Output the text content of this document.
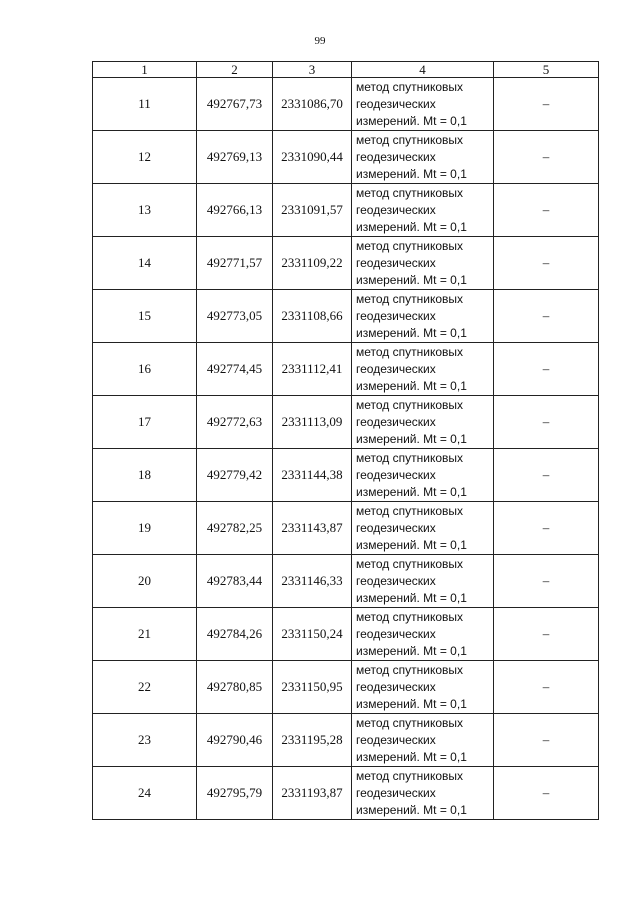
99
1	2	3	4	5
11	492767,73	2331086,70	метод спутниковых
геодезических
измерений. Mt = 0,1	–
12	492769,13	2331090,44	метод спутниковых
геодезических
измерений. Mt = 0,1	–
13	492766,13	2331091,57	метод спутниковых
геодезических
измерений. Mt = 0,1	–
14	492771,57	2331109,22	метод спутниковых
геодезических
измерений. Mt = 0,1	–
15	492773,05	2331108,66	метод спутниковых
геодезических
измерений. Mt = 0,1	–
16	492774,45	2331112,41	метод спутниковых
геодезических
измерений. Mt = 0,1	–
17	492772,63	2331113,09	метод спутниковых
геодезических
измерений. Mt = 0,1	–
18	492779,42	2331144,38	метод спутниковых
геодезических
измерений. Mt = 0,1	–
19	492782,25	2331143,87	метод спутниковых
геодезических
измерений. Mt = 0,1	–
20	492783,44	2331146,33	метод спутниковых
геодезических
измерений. Mt = 0,1	–
21	492784,26	2331150,24	метод спутниковых
геодезических
измерений. Mt = 0,1	–
22	492780,85	2331150,95	метод спутниковых
геодезических
измерений. Mt = 0,1	–
23	492790,46	2331195,28	метод спутниковых
геодезических
измерений. Mt = 0,1	–
24	492795,79	2331193,87	метод спутниковых
геодезических
измерений. Mt = 0,1	–
